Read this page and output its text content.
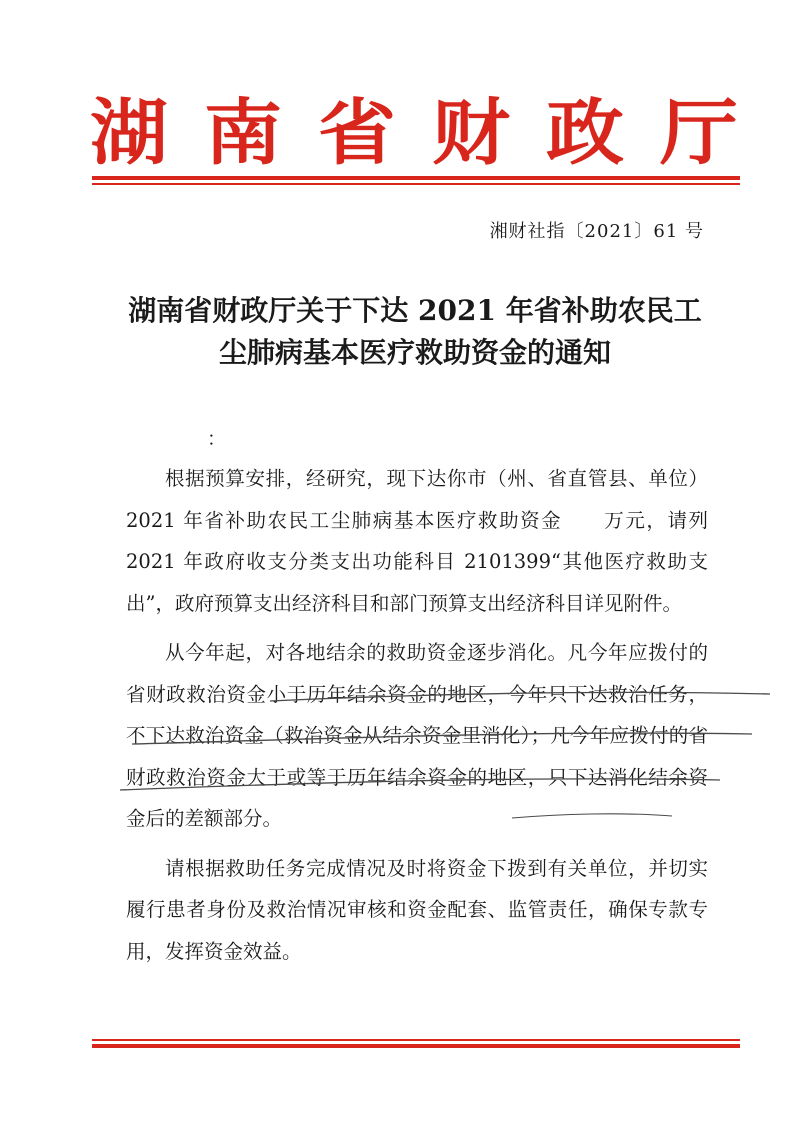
湖 南 省 财 政 厅
湘财社指〔2021〕61 号
湖南省财政厅关于下达 2021 年省补助农民工
尘肺病基本医疗救助资金的通知
：

根据预算安排，经研究，现下达你市（州、省直管县、单位）2021 年省补助农民工尘肺病基本医疗救助资金　　万元，请列 2021 年政府收支分类支出功能科目 2101399“其他医疗救助支出”，政府预算支出经济科目和部门预算支出经济科目详见附件。

从今年起，对各地结余的救助资金逐步消化。凡今年应拨付的省财政救治资金小于历年结余资金的地区，今年只下达救治任务，不下达救治资金（救治资金从结余资金里消化）；凡今年应拨付的省财政救治资金大于或等于历年结余资金的地区，只下达消化结余资金后的差额部分。

请根据救助任务完成情况及时将资金下拨到有关单位，并切实履行患者身份及救治情况审核和资金配套、监管责任，确保专款专用，发挥资金效益。
